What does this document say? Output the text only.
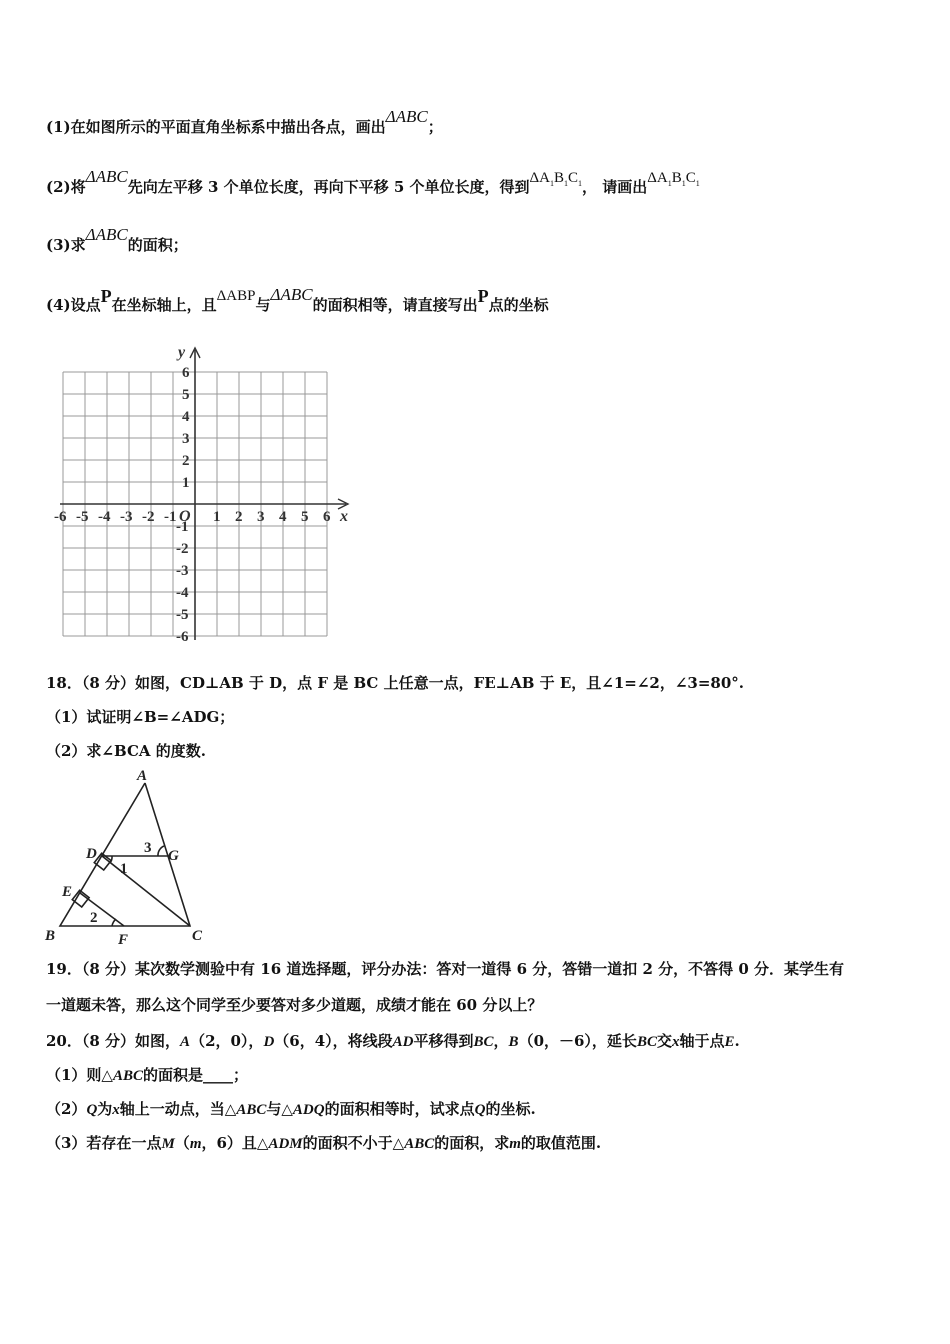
(1)在如图所示的平面直角坐标系中描出各点，画出ΔABC；
(2)将ΔABC先向左平移 3 个单位长度，再向下平移 5 个单位长度，得到$\Delta A_1B_1C_1$， 请画出$\Delta A_1B_1C_1$
(3)求ΔABC的面积；
(4)设点P在坐标轴上，且ΔABP与ΔABC的面积相等，请直接写出P点的坐标
x
y
O
-6 -5 -4 -3 -2 -1 1 2 3 4 5 6
6
5
4
3
2
1
-1
-2
-3
-4
-5
-6
18．（8 分）如图，CD⊥AB 于 D，点 F 是 BC 上任意一点，FE⊥AB 于 E，且∠1=∠2，∠3=80°.
（1）试证明∠B=∠ADG；
（2）求∠BCA 的度数.
A
D	3 G
1
E
2
B	F	C
19．（8 分）某次数学测验中有 16 道选择题，评分办法：答对一道得 6 分，答错一道扣 2 分，不答得 0 分．某学生有
一道题未答，那么这个同学至少要答对多少道题，成绩才能在 60 分以上？
20．（8 分）如图，A（2，0），D（6，4），将线段AD平移得到BC，B（0，－6），延长BC交x轴于点E.
（1）则△ABC的面积是____；
（2）Q为x轴上一动点，当△ABC与△ADQ的面积相等时，试求点Q的坐标.
（3）若存在一点M（m，6）且△ADM的面积不小于△ABC的面积，求m的取值范围.
